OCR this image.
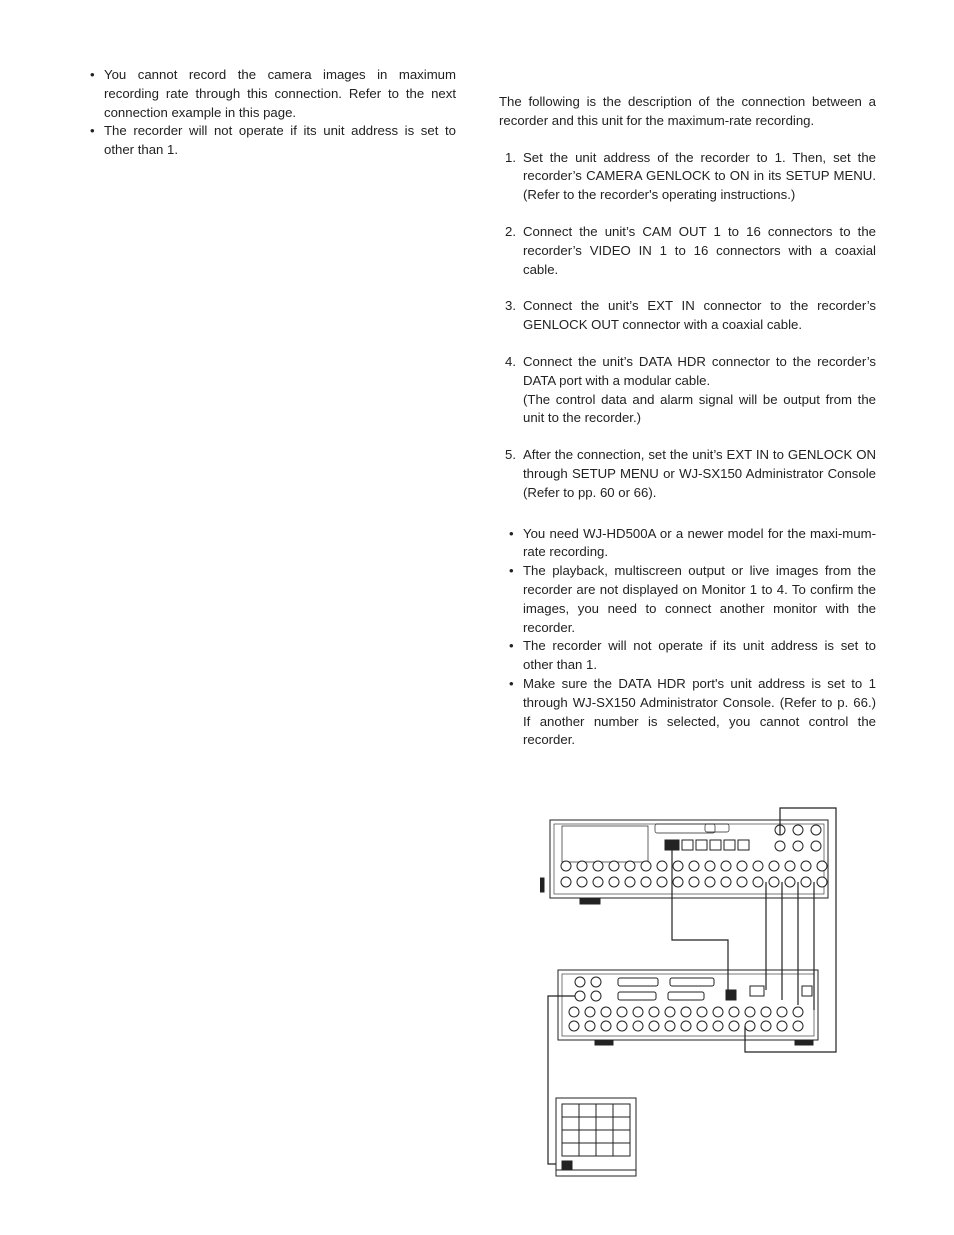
• You cannot record the camera images in maximum recording rate through this connection. Refer to the next connection example in this page.
• The recorder will not operate if its unit address is set to other than 1.

The following is the description of the connection between a recorder and this unit for the maximum-rate recording.

1. Set the unit address of the recorder to 1. Then, set the recorder’s CAMERA GENLOCK to ON in its SETUP MENU. (Refer to the recorder's operating instructions.)
2. Connect the unit’s CAM OUT 1 to 16 connectors to the recorder’s VIDEO IN 1 to 16 connectors with a coaxial cable.
3. Connect the unit’s EXT IN connector to the recorder’s GENLOCK OUT connector with a coaxial cable.
4. Connect the unit’s DATA HDR connector to the recorder’s DATA port with a modular cable.
(The control data and alarm signal will be output from the unit to the recorder.)
5. After the connection, set the unit’s EXT IN to GENLOCK ON through SETUP MENU or WJ-SX150 Administrator Console (Refer to pp. 60 or 66).
• You need WJ-HD500A or a newer model for the maxi-mum-rate recording.
• The playback, multiscreen output or live images from the recorder are not displayed on Monitor 1 to 4. To confirm the images, you need to connect another monitor with the recorder.
• The recorder will not operate if its unit address is set to other than 1.
• Make sure the DATA HDR port's unit address is set to 1 through WJ-SX150 Administrator Console. (Refer to p. 66.) If another number is selected, you cannot control the recorder.
